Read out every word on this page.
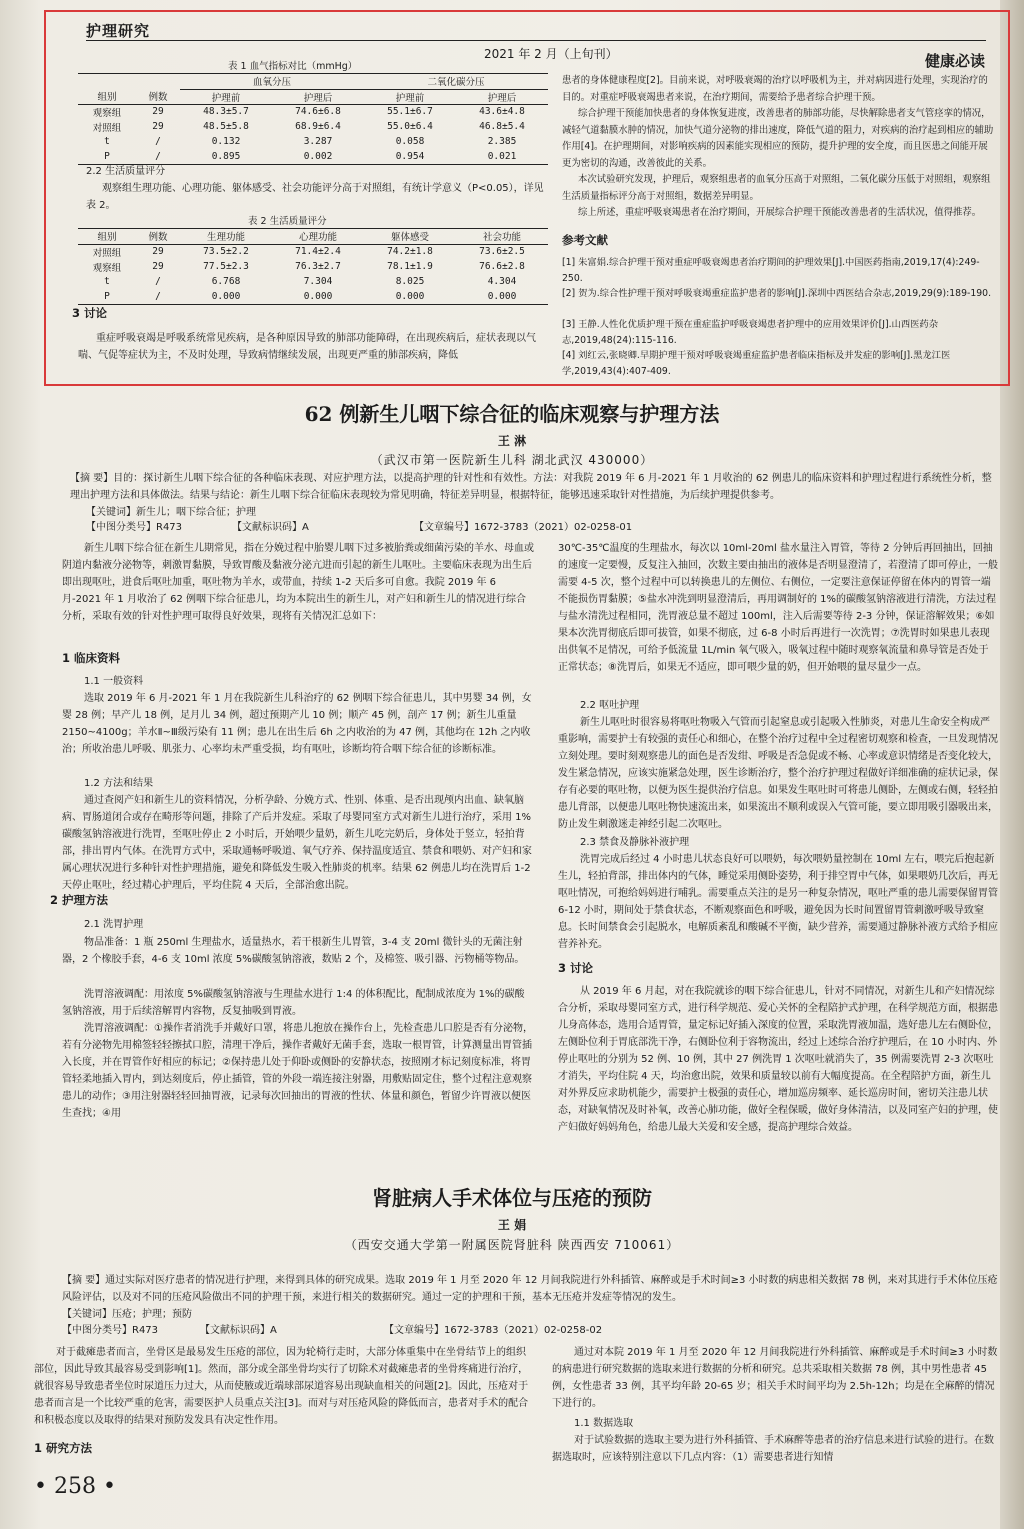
护理研究
2021 年 2 月（上旬刊）	健康必读
表 1 血气指标对比（mmHg）
		血氧分压		二氧化碳分压	
组别	例数	护理前	护理后	护理前	护理后
观察组	29	48.3±5.7	74.6±6.8	55.1±6.7	43.6±4.8
对照组	29	48.5±5.8	68.9±6.4	55.0±6.4	46.8±5.4
t	/	0.132	3.287	0.058	2.385
P	/	0.895	0.002	0.954	0.021
2.2 生活质量评分
观察组生理功能、心理功能、躯体感受、社会功能评分高于对照组，有统计学意义（P<0.05），详见表 2。
表 2 生活质量评分
组别	例数	生理功能	心理功能	躯体感受	社会功能
对照组	29	73.5±2.2	71.4±2.4	74.2±1.8	73.6±2.5
观察组	29	77.5±2.3	76.3±2.7	78.1±1.9	76.6±2.8
t	/	6.768	7.304	8.025	4.304
P	/	0.000	0.000	0.000	0.000
3 讨论
重症呼吸衰竭是呼吸系统常见疾病，是各种原因导致的肺部功能障碍，在出现疾病后，症状表现以气喘、气促等症状为主，不及时处理，导致病情继续发展，出现更严重的肺部疾病，降低
患者的身体健康程度[2]。目前来说，对呼吸衰竭的治疗以呼吸机为主，并对病因进行处理，实现治疗的目的。对重症呼吸衰竭患者来说，在治疗期间，需要给予患者综合护理干预。
综合护理干预能加快患者的身体恢复进度，改善患者的肺部功能，尽快解除患者支气管痉挛的情况，减轻气道黏膜水肿的情况，加快气道分泌物的排出速度，降低气道的阻力，对疾病的治疗起到相应的辅助作用[4]。在护理期间，对影响疾病的因素能实现相应的预防，提升护理的安全度，而且医患之间能开展更为密切的沟通，改善彼此的关系。
本次试验研究发现，护理后，观察组患者的血氧分压高于对照组，二氧化碳分压低于对照组，观察组生活质量指标评分高于对照组，数据差异明显。
综上所述，重症呼吸衰竭患者在治疗期间，开展综合护理干预能改善患者的生活状况，值得推荐。
参考文献
[1] 朱富娟.综合护理干预对重症呼吸衰竭患者治疗期间的护理效果[J].中国医药指南,2019,17(4):249-250.
[2] 贺为.综合性护理干预对呼吸衰竭重症监护患者的影响[J].深圳中西医结合杂志,2019,29(9):189-190.
[3] 王静.人性化优质护理干预在重症监护呼吸衰竭患者护理中的应用效果评价[J].山西医药杂志,2019,48(24):115-116.
[4] 刘红云,张晓卿.早期护理干预对呼吸衰竭重症监护患者临床指标及并发症的影响[J].黑龙江医学,2019,43(4):407-409.
62 例新生儿咽下综合征的临床观察与护理方法
王 淋
（武汉市第一医院新生儿科 湖北武汉 430000）
【摘 要】目的：探讨新生儿咽下综合征的各种临床表现、对应护理方法，以提高护理的针对性和有效性。方法：对我院 2019 年 6 月-2021 年 1 月收治的 62 例患儿的临床资料和护理过程进行系统性分析，整理出护理方法和具体做法。结果与结论：新生儿咽下综合征临床表现较为常见明确，特征差异明显，根据特征，能够迅速采取针对性措施，为后续护理提供参考。
【关键词】新生儿；咽下综合征；护理
【中图分类号】R473	【文献标识码】A	【文章编号】1672-3783（2021）02-0258-01
新生儿咽下综合征在新生儿期常见，指在分娩过程中胎婴儿咽下过多被胎粪或细菌污染的羊水、母血或阴道内黏液分泌物等，刺激胃黏膜，导致胃酸及黏液分泌亢进而引起的新生儿呕吐。主要临床表现为出生后即出现呕吐，进食后呕吐加重，呕吐物为羊水，或带血，持续 1-2 天后多可自愈。我院 2019 年 6 月-2021 年 1 月收治了 62 例咽下综合征患儿，均为本院出生的新生儿，对产妇和新生儿的情况进行综合分析，采取有效的针对性护理可取得良好效果，现将有关情况汇总如下：
1 临床资料
1.1 一般资料
选取 2019 年 6 月-2021 年 1 月在我院新生儿科治疗的 62 例咽下综合征患儿，其中男婴 34 例，女婴 28 例；早产儿 18 例，足月儿 34 例，超过预期产儿 10 例；顺产 45 例，剖产 17 例；新生儿重量 2150~4100g；羊水Ⅱ~Ⅲ级污染有 11 例；患儿在出生后 6h 之内收治的为 47 例，其他均在 12h 之内收治；所收治患儿呼吸、肌张力、心率均未严重受损，均有呕吐，诊断均符合咽下综合征的诊断标准。
1.2 方法和结果
通过查阅产妇和新生儿的资料情况，分析孕龄、分娩方式、性别、体重、是否出现颅内出血、缺氧脑病、胃肠道闭合或存在畸形等问题，排除了产后并发症。采取了母婴同室方式对新生儿进行治疗，采用 1%碳酸氢钠溶液进行洗胃，至呕吐停止 2 小时后，开始喂少量奶，新生儿吃完奶后，身体处于竖立，轻拍背部，排出胃内气体。在洗胃方式中，采取通畅呼吸道、氧气疗养、保持温度适宜、禁食和喂奶、对产妇和家属心理状况进行多种针对性护理措施，避免和降低发生吸入性肺炎的机率。结果 62 例患儿均在洗胃后 1-2 天停止呕吐，经过精心护理后，平均住院 4 天后，全部治愈出院。
2 护理方法
2.1 洗胃护理
物品准备：1 瓶 250ml 生理盐水，适量热水，若干根新生儿胃管，3-4 支 20ml 微针头的无菌注射器，2 个橡胶手套，4-6 支 10ml 浓度 5%碳酸氢钠溶液，数贴 2 个，及棉签、吸引器、污物桶等物品。
洗胃溶液调配：用浓度 5%碳酸氢钠溶液与生理盐水进行 1:4 的体积配比，配制成浓度为 1%的碳酸氢钠溶液，用于后续溶解胃内容物，反复抽吸到胃液。
洗胃溶液调配：①操作者消洗手并戴好口罩，将患儿抱放在操作台上，先检查患儿口腔是否有分泌物，若有分泌物先用棉签轻轻擦拭口腔，清理干净后，操作者戴好无菌手套，选取一根胃管，计算测量出胃管插入长度，并在胃管作好相应的标记；②保持患儿处于仰卧或侧卧的安静状态，按照刚才标记刻度标准，将胃管轻柔地插入胃内，到达刻度后，停止插管，管的外段一端连接注射器，用敷贴固定住，整个过程注意观察患儿的动作；③用注射器轻轻回抽胃液，记录每次回抽出的胃液的性状、体量和颜色，暂留少许胃液以便医生查找；④用
30℃-35℃温度的生理盐水，每次以 10ml-20ml 盐水量注入胃管，等待 2 分钟后再回抽出，回抽的速度一定要慢，反复注入抽回，次数主要由抽出的液体是否明显澄清了，若澄清了即可停止，一般需要 4-5 次，整个过程中可以转换患儿的左侧位、右侧位，一定要注意保证停留在体内的胃管一端不能损伤胃黏膜；⑤盐水冲洗到明显澄清后，再用调制好的 1%的碳酸氢钠溶液进行清洗，方法过程与盐水清洗过程相同，洗胃液总量不超过 100ml，注入后需要等待 2-3 分钟，保证溶解效果；⑥如果本次洗胃彻底后即可拔管，如果不彻底，过 6-8 小时后再进行一次洗胃；⑦洗胃时如果患儿表现出供氧不足情况，可给予低流量 1L/min 氧气吸入，吸氧过程中随时观察氧流量和鼻导管是否处于正常状态；⑧洗胃后，如果无不适应，即可喂少量的奶，但开始喂的量尽量少一点。
2.2 呕吐护理
新生儿呕吐时很容易将呕吐物吸入气管而引起窒息或引起吸入性肺炎，对患儿生命安全构成严重影响，需要护士有较强的责任心和细心，在整个治疗过程中全过程密切观察和检查，一旦发现情况立刻处理。要时刻观察患儿的面色是否发绀、呼吸是否急促或不畅、心率或意识情绪是否变化较大，发生紧急情况，应该实施紧急处理，医生诊断治疗，整个治疗护理过程做好详细准确的症状记录，保存有必要的呕吐物，以便为医生提供治疗信息。如果发生呕吐时可将患儿侧卧，左侧或右侧，轻轻拍患儿背部，以便患儿呕吐物快速流出来，如果流出不顺利或误入气管可能，要立即用吸引器吸出来，防止发生刺激迷走神经引起二次呕吐。
2.3 禁食及静脉补液护理
洗胃完成后经过 4 小时患儿状态良好可以喂奶，每次喂奶量控制在 10ml 左右，喂完后抱起新生儿，轻拍背部，排出体内的气体，睡觉采用侧卧姿势，利于排空胃中气体，如果喂奶几次后，再无呕吐情况，可抱给妈妈进行哺乳。需要重点关注的是另一种复杂情况，呕吐严重的患儿需要保留胃管 6-12 小时，期间处于禁食状态，不断观察面色和呼吸，避免因为长时间置留胃管刺激呼吸导致窒息。长时间禁食会引起脱水，电解质紊乱和酸碱不平衡，缺少营养，需要通过静脉补液方式给予相应营养补充。
3 讨论
从 2019 年 6 月起，对在我院就诊的咽下综合征患儿，针对不同情况，对新生儿和产妇情况综合分析，采取母婴同室方式，进行科学规范、爱心关怀的全程陪护式护理，在科学规范方面，根据患儿身高体态，选用合适胃管，量定标记好插入深度的位置，采取洗胃液加温，选好患儿左右侧卧位，左侧卧位利于胃底部洗干净，右侧卧位利于容物流出，经过上述综合治疗护理后，在 10 小时内、外停止呕吐的分别为 52 例、10 例，其中 27 例洗胃 1 次呕吐就消失了，35 例需要洗胃 2-3 次呕吐才消失，平均住院 4 天，均治愈出院，效果和质量较以前有大幅度提高。在全程陪护方面，新生儿对外界反应求助机能少，需要护士极强的责任心，增加巡房频率、延长巡房时间，密切关注患儿状态，对缺氧情况及时补氧，改善心肺功能，做好全程保暖，做好身体清洁，以及同室产妇的护理，使产妇做好妈妈角色，给患儿最大关爱和安全感，提高护理综合效益。
肾脏病人手术体位与压疮的预防
王 娟
（西安交通大学第一附属医院肾脏科 陕西西安 710061）
【摘 要】通过实际对医疗患者的情况进行护理，来得到具体的研究成果。选取 2019 年 1 月至 2020 年 12 月间我院进行外科插管、麻醉或是手术时间≥3 小时数的病患相关数据 78 例，来对其进行手术体位压疮风险评估，以及对不同的压疮风险做出不同的护理干预，来进行相关的数据研究。通过一定的护理和干预，基本无压疮并发症等情况的发生。
【关键词】压疮；护理；预防
【中图分类号】R473	【文献标识码】A	【文章编号】1672-3783（2021）02-0258-02
对于截瘫患者而言，坐骨区是最易发生压疮的部位，因为轮椅行走时，大部分体重集中在坐骨结节上的组织部位，因此导致其最容易受到影响[1]。然而，部分或全部坐骨均实行了切除术对截瘫患者的坐骨疼痛进行治疗，就很容易导致患者坐位时尿道压力过大，从而使腋或近端球部尿道容易出现缺血相关的问题[2]。因此，压疮对于患者而言是一个比较严重的危害，需要医护人员重点关注[3]。而对与对压疮风险的降低而言，患者对手术的配合和积极态度以及取得的结果对预防发发具有决定性作用。
1 研究方法
通过对本院 2019 年 1 月至 2020 年 12 月间我院进行外科插管、麻醉或是手术时间≥3 小时数的病患进行研究数据的选取来进行数据的分析和研究。总共采取相关数据 78 例，其中男性患者 45 例，女性患者 33 例，其平均年龄 20-65 岁；相关手术时间平均为 2.5h-12h；均是在全麻醉的情况下进行的。
1.1 数据选取
对于试验数据的选取主要为进行外科插管、手术麻醉等患者的治疗信息来进行试验的进行。在数据选取时，应该特别注意以下几点内容：（1）需要患者进行知情
• 258 •
